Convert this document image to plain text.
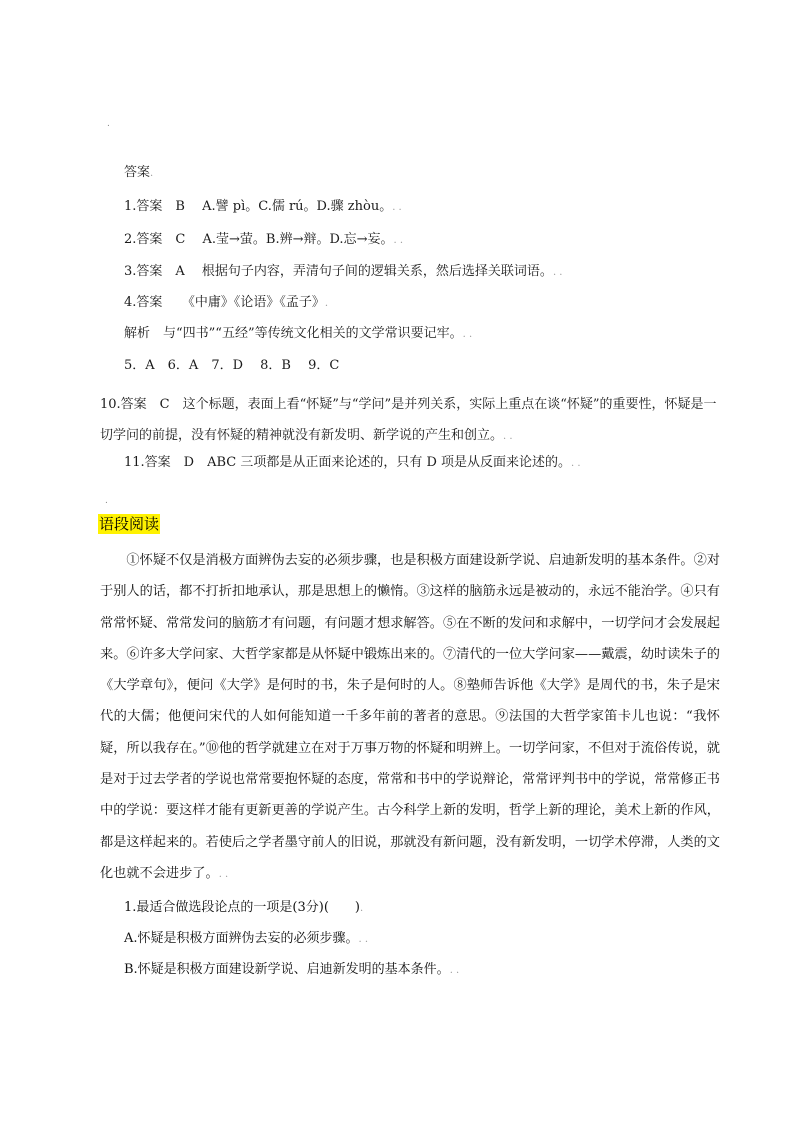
.
答案.
1.答案　B　 A.譬 pì。C.儒 rú。D.骤 zhòu。. .
2.答案　C　 A.莹→萤。B.辨→辩。D.忘→妄。. .
3.答案　A　 根据句子内容，弄清句子间的逻辑关系，然后选择关联词语。. .
4.答案　　《中庸》《论语》《孟子》.
解析　与“四书”“五经”等传统文化相关的文学常识要记牢。. .
5．A　6．A　7．D　 8．B　 9．C
10.答案　C　这个标题，表面上看“怀疑”与“学问”是并列关系，实际上重点在谈“怀疑”的重要性，怀疑是一切学问的前提，没有怀疑的精神就没有新发明、新学说的产生和创立。. .
11.答案　D　ABC 三项都是从正面来论述的，只有 D 项是从反面来论述的。. .
.
语段阅读
①怀疑不仅是消极方面辨伪去妄的必须步骤，也是积极方面建设新学说、启迪新发明的基本条件。②对于别人的话，都不打折扣地承认，那是思想上的懒惰。③这样的脑筋永远是被动的，永远不能治学。④只有常常怀疑、常常发问的脑筋才有问题，有问题才想求解答。⑤在不断的发问和求解中，一切学问才会发展起来。⑥许多大学问家、大哲学家都是从怀疑中锻炼出来的。⑦清代的一位大学问家——戴震，幼时读朱子的《大学章句》，便问《大学》是何时的书，朱子是何时的人。⑧塾师告诉他《大学》是周代的书，朱子是宋代的大儒；他便问宋代的人如何能知道一千多年前的著者的意思。⑨法国的大哲学家笛卡儿也说：“我怀疑，所以我存在。”⑩他的哲学就建立在对于万事万物的怀疑和明辨上。一切学问家，不但对于流俗传说，就是对于过去学者的学说也常常要抱怀疑的态度，常常和书中的学说辩论，常常评判书中的学说，常常修正书中的学说：要这样才能有更新更善的学说产生。古今科学上新的发明，哲学上新的理论，美术上新的作风，都是这样起来的。若使后之学者墨守前人的旧说，那就没有新问题，没有新发明，一切学术停滞，人类的文化也就不会进步了。. .
1.最适合做选段论点的一项是(3分)(　　).
A.怀疑是积极方面辨伪去妄的必须步骤。. .
B.怀疑是积极方面建设新学说、启迪新发明的基本条件。. .
